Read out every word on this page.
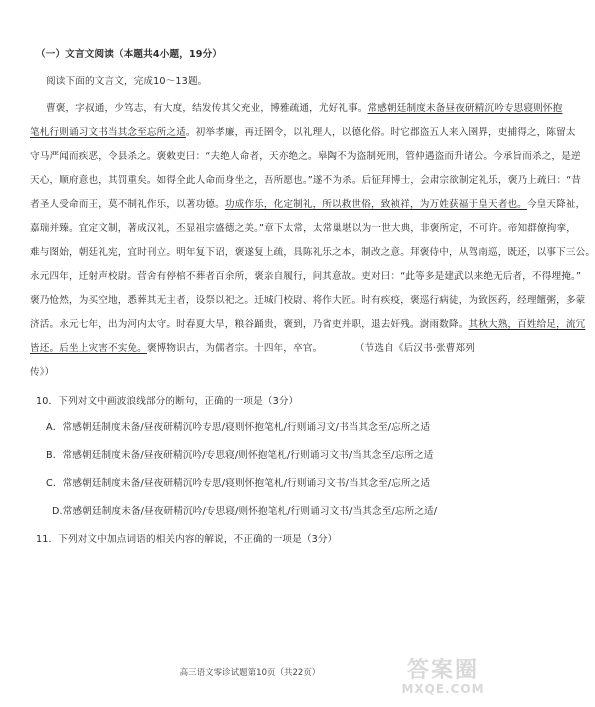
（一）文言文阅读（本题共4小题，19分）
阅读下面的文言文，完成10～13题。
曹褒，字叔通，少笃志，有大度，结发传其父充业，博雅疏通，尤好礼事。常感朝廷制度未备昼夜研精沉吟专思寝则怀抱
笔札行则诵习文书当其念至忘所之适。初举孝廉，再迁圉令，以礼理人，以德化俗。时它郡盗五人来入圉界，吏捕得之，陈留太
守马严闻而疾恶，令县杀之。褒敕吏曰：“夫绝人命者，天亦绝之。皋陶不为盗制死刑，管仲遇盗而升诸公。今承旨而杀之，是逆
天心，顺府意也，其罚重矣。如得全此人命而身坐之，吾所愿也。”遂不为杀。后征拜博士，会肃宗欲制定礼乐，褒乃上疏曰：“昔
者圣人受命而王，莫不制礼作乐，以著功德。功成作乐，化定制礼，所以救世俗，致祯祥，为万姓获福于皇天者也。今皇天降祉，
嘉瑞并臻。宜定文制，著成汉礼，丕显祖宗盛德之美。”章下太常，太常巢堪以为一世大典，非褒所定，不可许。帝知群僚拘挛，
难与图始，朝廷礼宪，宜时刊立。明年复下诏，褒遂复上疏，具陈礼乐之本，制改之意。拜褒侍中，从驾南巡，既还，以事下三公。
永元四年，迁射声校尉。营舍有停棺不葬者百余所，褒亲自履行，问其意故。吏对曰：“此等多是建武以来绝无后者，不得埋掩。”
褒乃怆然，为买空地，悉葬其无主者，设祭以祀之。迁城门校尉、将作大匠。时有疾疫，褒巡行病徒，为致医药，经理饘粥，多蒙
济活。永元七年，出为河内太守。时春夏大旱，粮谷踊贵，褒到，乃省吏并职，退去奸残。澍雨数降。其秋大熟，百姓给足，流冗
皆还。后坐上灾害不实免。褒博物识古，为儒者宗。十四年，卒官。	（节选自《后汉书·张曹郑列
传》）
10．下列对文中画波浪线部分的断句，正确的一项是（3分）
A．常感朝廷制度未备/昼夜研精沉吟专思/寝则怀抱笔札/行则诵习文/书当其念至/忘所之适
B．常感朝廷制度未备/昼夜研精沉吟/专思寝/则怀抱笔札/行则诵习文书/当其念至/忘所之适
C．常感朝廷制度未备/昼夜研精沉吟专思/寝则怀抱笔札/行则诵习文书/当其念至/忘所之适
D.常感朝廷制度未备/昼夜研精沉吟/专思寝/则怀抱笔札/行则诵习文书/当其念至/忘所之适/
11．下列对文中加点词语的相关内容的解说，不正确的一项是（3分）
高三语文零诊试题第10页（共22页）	答案圈
MXQE.COM
